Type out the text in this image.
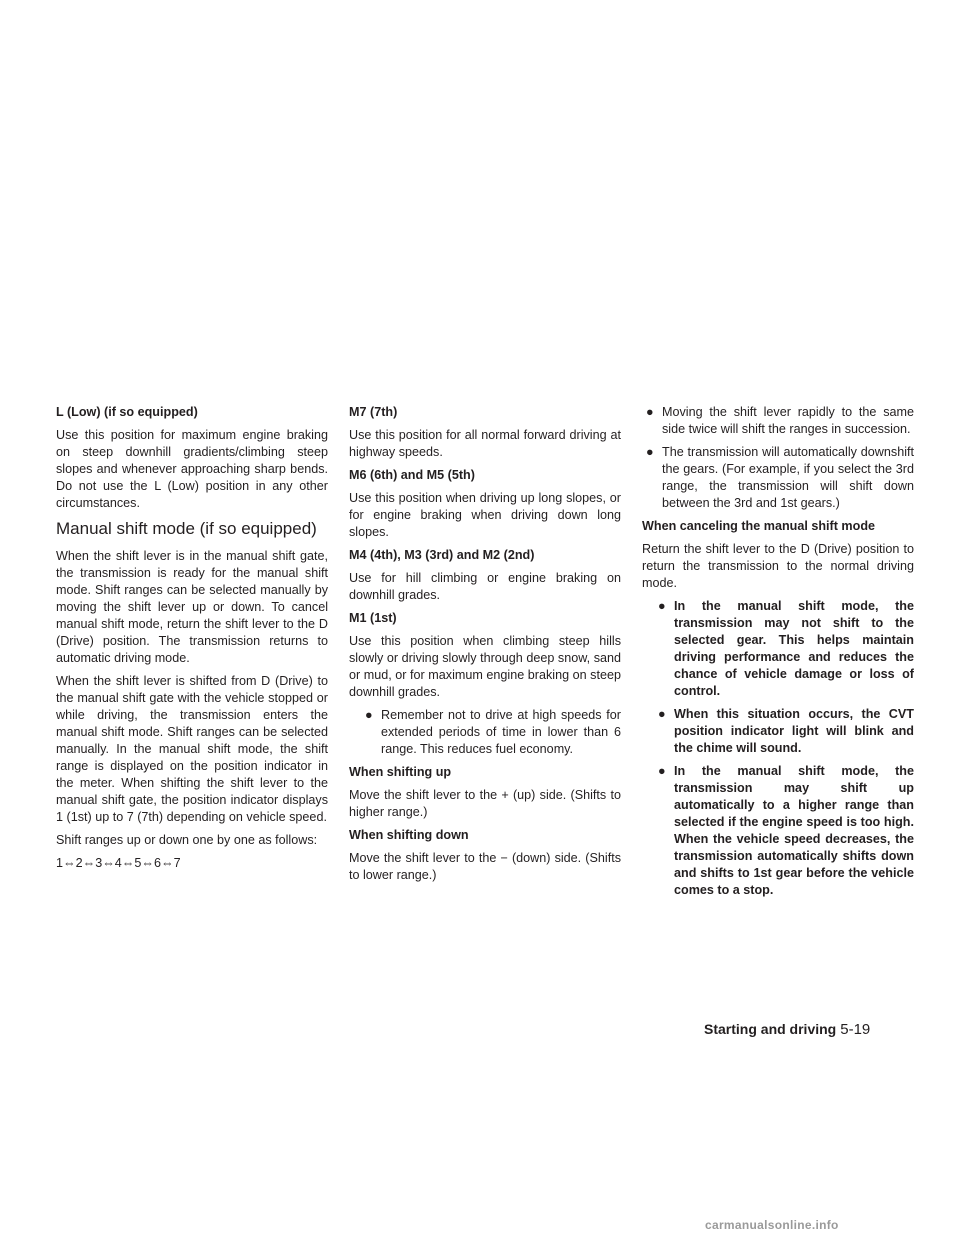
L (Low) (if so equipped)
Use this position for maximum engine braking on steep downhill gradients/climbing steep slopes and whenever approaching sharp bends. Do not use the L (Low) position in any other circumstances.
Manual shift mode (if so equipped)
When the shift lever is in the manual shift gate, the transmission is ready for the manual shift mode. Shift ranges can be selected manually by moving the shift lever up or down. To cancel manual shift mode, return the shift lever to the D (Drive) position. The transmission returns to automatic driving mode.
When the shift lever is shifted from D (Drive) to the manual shift gate with the vehicle stopped or while driving, the transmission enters the manual shift mode. Shift ranges can be selected manually. In the manual shift mode, the shift range is displayed on the position indicator in the meter. When shifting the shift lever to the manual shift gate, the position indicator displays 1 (1st) up to 7 (7th) depending on vehicle speed.
Shift ranges up or down one by one as follows:
1⇔2⇔3⇔4⇔5⇔6⇔7
M7 (7th)
Use this position for all normal forward driving at highway speeds.
M6 (6th) and M5 (5th)
Use this position when driving up long slopes, or for engine braking when driving down long slopes.
M4 (4th), M3 (3rd) and M2 (2nd)
Use for hill climbing or engine braking on downhill grades.
M1 (1st)
Use this position when climbing steep hills slowly or driving slowly through deep snow, sand or mud, or for maximum engine braking on steep downhill grades.
● Remember not to drive at high speeds for extended periods of time in lower than 6 range. This reduces fuel economy.
When shifting up
Move the shift lever to the + (up) side. (Shifts to higher range.)
When shifting down
Move the shift lever to the − (down) side. (Shifts to lower range.)
● Moving the shift lever rapidly to the same side twice will shift the ranges in succession.
● The transmission will automatically downshift the gears. (For example, if you select the 3rd range, the transmission will shift down between the 3rd and 1st gears.)
When canceling the manual shift mode
Return the shift lever to the D (Drive) position to return the transmission to the normal driving mode.
● In the manual shift mode, the transmission may not shift to the selected gear. This helps maintain driving performance and reduces the chance of vehicle damage or loss of control.
● When this situation occurs, the CVT position indicator light will blink and the chime will sound.
● In the manual shift mode, the transmission may shift up automatically to a higher range than selected if the engine speed is too high. When the vehicle speed decreases, the transmission automatically shifts down and shifts to 1st gear before the vehicle comes to a stop.
Starting and driving 5-19
carmanualsonline.info
